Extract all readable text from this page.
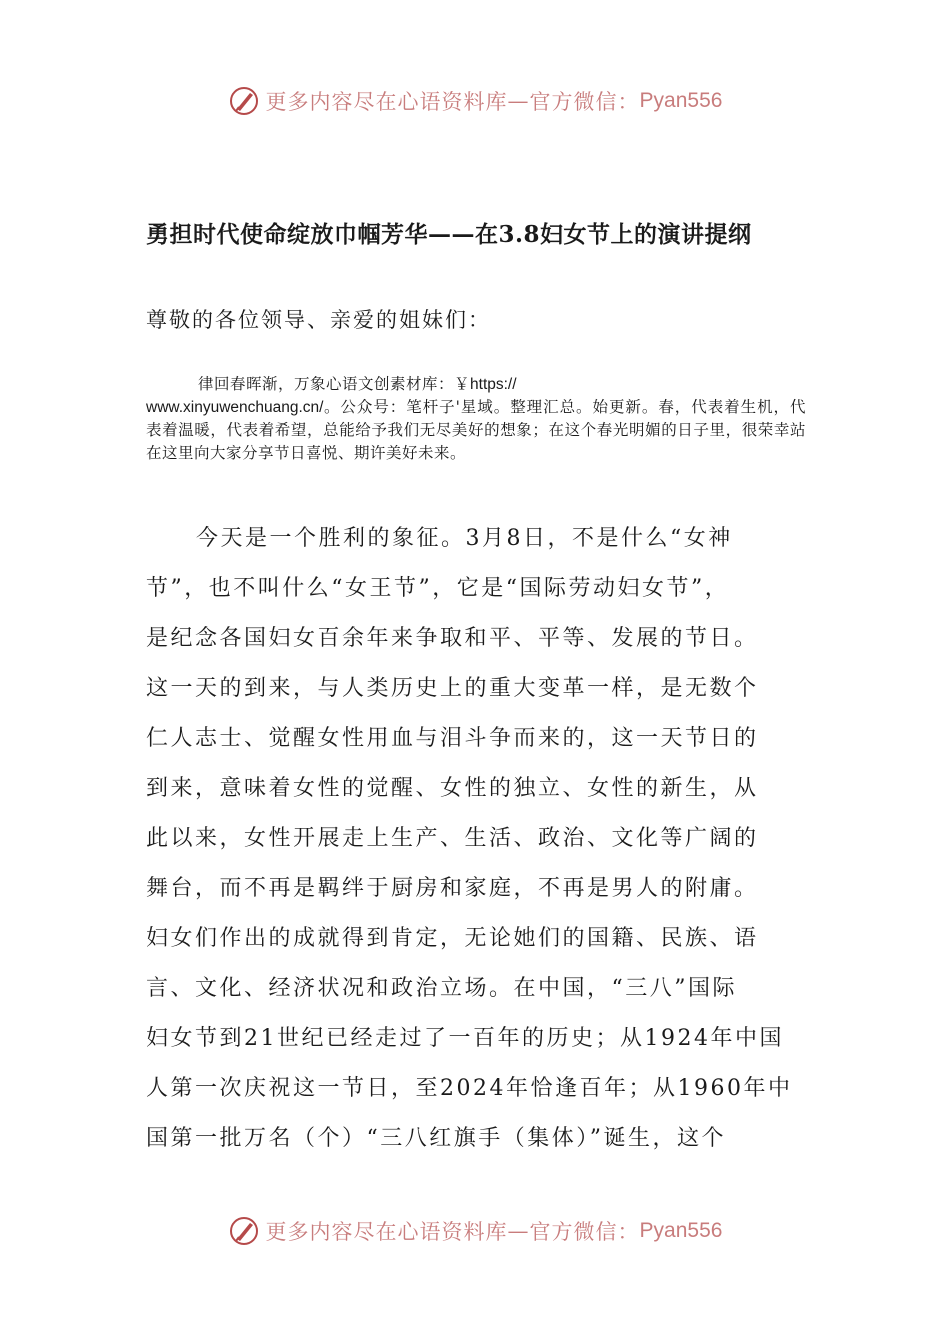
更多内容尽在心语资料库 — 官方微信： Pyan556
勇担时代使命绽放巾帼芳华——在3.8妇女节上的演讲提纲
尊敬的各位领导、亲爱的姐妹们：
律回春晖渐，万象心语文创素材库：￥https://
www.xinyuwenchuang.cn/。公众号：笔杆子'星域。整理汇总。始更新。春，代表着生机，代表着温暖，代表着希望，总能给予我们无尽美好的想象；在这个春光明媚的日子里，很荣幸站在这里向大家分享节日喜悦、期许美好未来。
今天是一个胜利的象征。3月8日，不是什么“女神
节”，也不叫什么“女王节”，它是“国际劳动妇女节”，
是纪念各国妇女百余年来争取和平、平等、发展的节日。
这一天的到来，与人类历史上的重大变革一样，是无数个
仁人志士、觉醒女性用血与泪斗争而来的，这一天节日的
到来，意味着女性的觉醒、女性的独立、女性的新生，从
此以来，女性开展走上生产、生活、政治、文化等广阔的
舞台，而不再是羁绊于厨房和家庭，不再是男人的附庸。
妇女们作出的成就得到肯定，无论她们的国籍、民族、语
言、文化、经济状况和政治立场。在中国，“三八”国际
妇女节到21世纪已经走过了一百年的历史；从1924年中国
人第一次庆祝这一节日，至2024年恰逢百年；从1960年中
国第一批万名（个）“三八红旗手（集体）”诞生，这个
更多内容尽在心语资料库 — 官方微信： Pyan556
